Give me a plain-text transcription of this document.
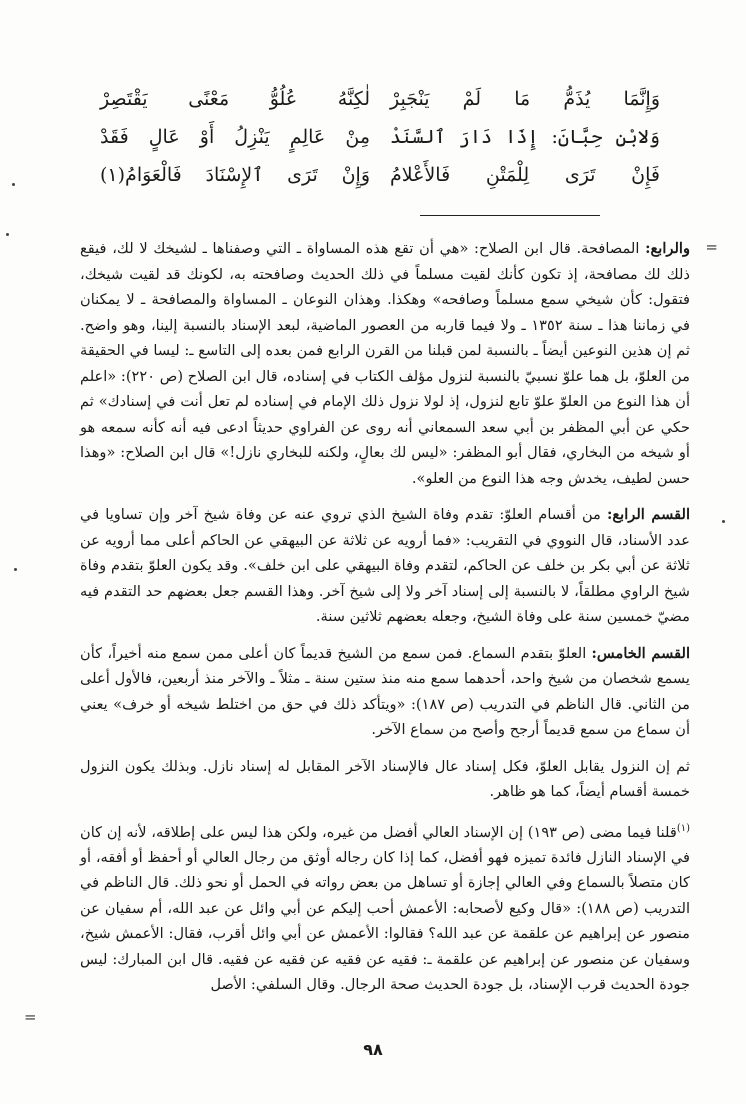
وَإِنَّمَا يُذَمُّ مَا لَمْ يَنْجَبِرْ
لٰكِنَّهُ عُلُوُّ مَعْنًى يَقْتَصِرْ
وَلابْنِ حِبَّانَ: إِذَا دَارَ ٱلسَّنَدْ
مِنْ عَالِمٍ يَنْزِلُ أَوْ عَالٍ فَقَدْ
فَإِنْ تَرَى لِلْمَتْنِ فَالأَعْلامُ
وَإِنْ تَرَى ٱلإِسْنَادَ فَالْعَوَامُ(١)
=

والرابع: المصافحة. قال ابن الصلاح: «هي أن تقع هذه المساواة ـ التي وصفناها ـ لشيخك لا لك، فيقع ذلك لك مصافحة، إذ تكون كأنك لقيت مسلماً في ذلك الحديث وصافحته به، لكونك قد لقيت شيخك، فتقول: كأن شيخي سمع مسلماً وصافحه» وهكذا. وهذان النوعان ـ المساواة والمصافحة ـ لا يمكنان في زماننا هذا ـ سنة ١٣٥٢ ـ ولا فيما قاربه من العصور الماضية، لبعد الإسناد بالنسبة إلينا، وهو واضح. ثم إن هذين النوعين أيضاً ـ بالنسبة لمن قبلنا من القرن الرابع فمن بعده إلى التاسع ـ: ليسا في الحقيقة من العلوّ، بل هما علوّ نسبيّ بالنسبة لنزول مؤلف الكتاب في إسناده، قال ابن الصلاح (ص ٢٢٠): «اعلم أن هذا النوع من العلوّ علوّ تابع لنزول، إذ لولا نزول ذلك الإمام في إسناده لم تعل أنت في إسنادك» ثم حكي عن أبي المظفر بن أبي سعد السمعاني أنه روى عن الفراوي حديثاً ادعى فيه أنه كأنه سمعه هو أو شيخه من البخاري، فقال أبو المظفر: «ليس لك بعالٍ، ولكنه للبخاري نازل!» قال ابن الصلاح: «وهذا حسن لطيف، يخدش وجه هذا النوع من العلو».

القسم الرابع: من أقسام العلوّ: تقدم وفاة الشيخ الذي تروي عنه عن وفاة شيخ آخر وإن تساويا في عدد الأسناد، قال النووي في التقريب: «فما أرويه عن ثلاثة عن البيهقي عن الحاكم أعلى مما أرويه عن ثلاثة عن أبي بكر بن خلف عن الحاكم، لتقدم وفاة البيهقي على ابن خلف». وقد يكون العلوّ بتقدم وفاة شيخ الراوي مطلقاً، لا بالنسبة إلى إسناد آخر ولا إلى شيخ آخر. وهذا القسم جعل بعضهم حد التقدم فيه مضيّ خمسين سنة على وفاة الشيخ، وجعله بعضهم ثلاثين سنة.

القسم الخامس: العلوّ بتقدم السماع. فمن سمع من الشيخ قديماً كان أعلى ممن سمع منه أخيراً، كأن يسمع شخصان من شيخ واحد، أحدهما سمع منه منذ ستين سنة ـ مثلاً ـ والآخر منذ أربعين، فالأول أعلى من الثاني. قال الناظم في التدريب (ص ١٨٧): «ويتأكد ذلك في حق من اختلط شيخه أو خرف» يعني أن سماع من سمع قديماً أرجح وأصح من سماع الآخر.

ثم إن النزول يقابل العلوّ، فكل إسناد عال فالإسناد الآخر المقابل له إسناد نازل. وبذلك يكون النزول خمسة أقسام أيضاً، كما هو ظاهر.

$^{(١)}$قلنا فيما مضى (ص ١٩٣) إن الإسناد العالي أفضل من غيره، ولكن هذا ليس على إطلاقه، لأنه إن كان في الإسناد النازل فائدة تميزه فهو أفضل، كما إذا كان رجاله أوثق من رجال العالي أو أحفظ أو أفقه، أو كان متصلاً بالسماع وفي العالي إجازة أو تساهل من بعض رواته في الحمل أو نحو ذلك. قال الناظم في التدريب (ص ١٨٨): «قال وكيع لأصحابه: الأعمش أحب إليكم عن أبي وائل عن عبد الله، أم سفيان عن منصور عن إبراهيم عن علقمة عن عبد الله؟ فقالوا: الأعمش عن أبي وائل أقرب، فقال: الأعمش شيخ، وسفيان عن منصور عن إبراهيم عن علقمة ـ: فقيه عن فقيه عن فقيه عن فقيه. قال ابن المبارك: ليس جودة الحديث قرب الإسناد، بل جودة الحديث صحة الرجال. وقال السلفي: الأصل

=
٩٨
